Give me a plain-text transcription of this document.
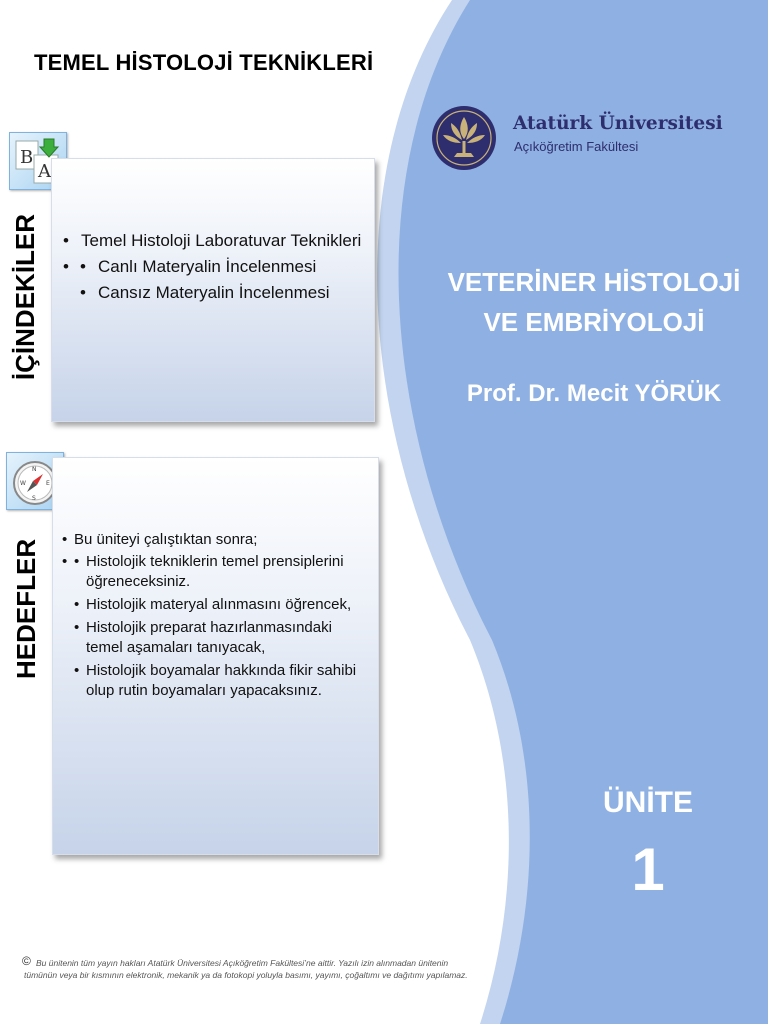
TEMEL HİSTOLOJİ TEKNİKLERİ
B
A
İÇİNDEKİLER	• Temel Histoloji Laboratuvar Teknikleri
• • Canlı Materyalin İncelenmesi
• Cansız Materyalin İncelenmesi
N
S
W	E
HEDEFLER	• Bu üniteyi çalıştıktan sonra;
• • Histolojik tekniklerin temel prensiplerini öğreneceksiniz.
• Histolojik materyal alınmasını öğrencek,
• Histolojik preparat hazırlanmasındaki temel aşamaları tanıyacak,
• Histolojik boyamalar hakkında fikir sahibi olup rutin boyamaları yapacaksınız.
Atatürk Üniversitesi
Açıköğretim Fakültesi
VETERİNER HİSTOLOJİ
VE EMBRİYOLOJİ
Prof. Dr. Mecit YÖRÜK
ÜNİTE
1
© Bu ünitenin tüm yayın hakları Atatürk Üniversitesi Açıköğretim Fakültesi’ne aittir. Yazılı izin alınmadan ünitenin tümünün veya bir kısmının elektronik, mekanik ya da fotokopi yoluyla basımı, yayımı, çoğaltımı ve dağıtımı yapılamaz.
